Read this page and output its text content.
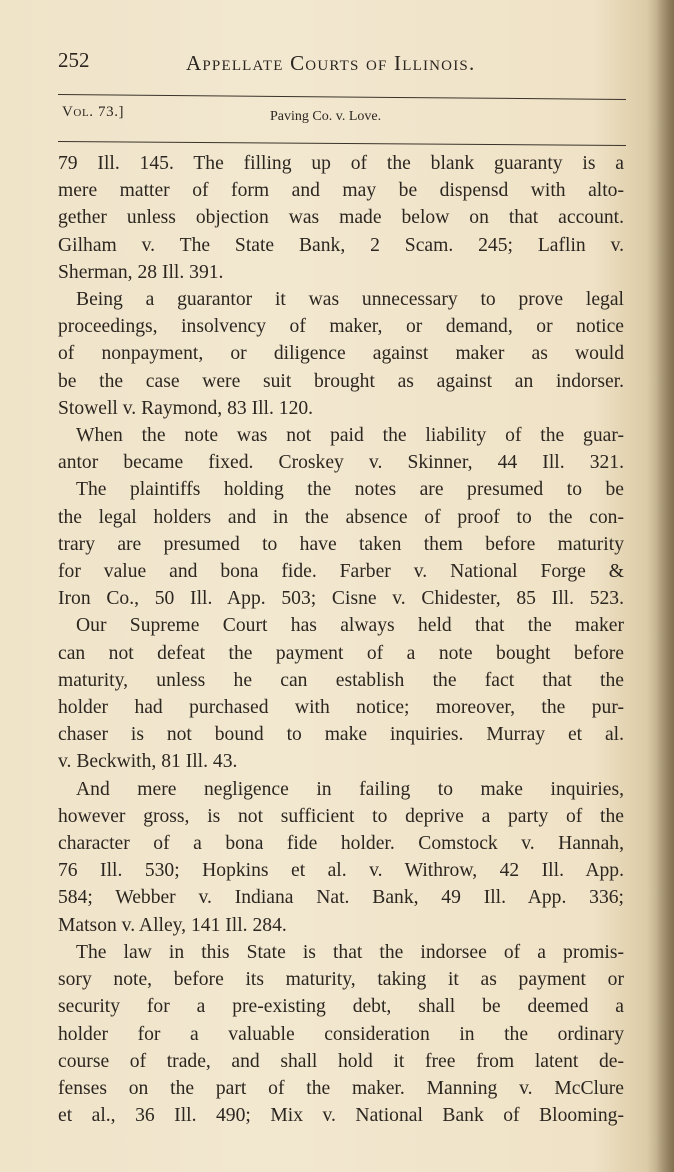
252	Appellate Courts of Illinois.
Vol. 73.]	Paving Co. v. Love.
79 Ill. 145. The filling up of the blank guaranty is a
mere matter of form and may be dispensd with alto-
gether unless objection was made below on that account.
Gilham v. The State Bank, 2 Scam. 245; Laflin v.
Sherman, 28 Ill. 391.
Being a guarantor it was unnecessary to prove legal
proceedings, insolvency of maker, or demand, or notice
of nonpayment, or diligence against maker as would
be the case were suit brought as against an indorser.
Stowell v. Raymond, 83 Ill. 120.
When the note was not paid the liability of the guar-
antor became fixed. Croskey v. Skinner, 44 Ill. 321.
The plaintiffs holding the notes are presumed to be
the legal holders and in the absence of proof to the con-
trary are presumed to have taken them before maturity
for value and bona fide. Farber v. National Forge &
Iron Co., 50 Ill. App. 503; Cisne v. Chidester, 85 Ill. 523.
Our Supreme Court has always held that the maker
can not defeat the payment of a note bought before
maturity, unless he can establish the fact that the
holder had purchased with notice; moreover, the pur-
chaser is not bound to make inquiries. Murray et al.
v. Beckwith, 81 Ill. 43.
And mere negligence in failing to make inquiries,
however gross, is not sufficient to deprive a party of the
character of a bona fide holder. Comstock v. Hannah,
76 Ill. 530; Hopkins et al. v. Withrow, 42 Ill. App.
584; Webber v. Indiana Nat. Bank, 49 Ill. App. 336;
Matson v. Alley, 141 Ill. 284.
The law in this State is that the indorsee of a promis-
sory note, before its maturity, taking it as payment or
security for a pre-existing debt, shall be deemed a
holder for a valuable consideration in the ordinary
course of trade, and shall hold it free from latent de-
fenses on the part of the maker. Manning v. McClure
et al., 36 Ill. 490; Mix v. National Bank of Blooming-
